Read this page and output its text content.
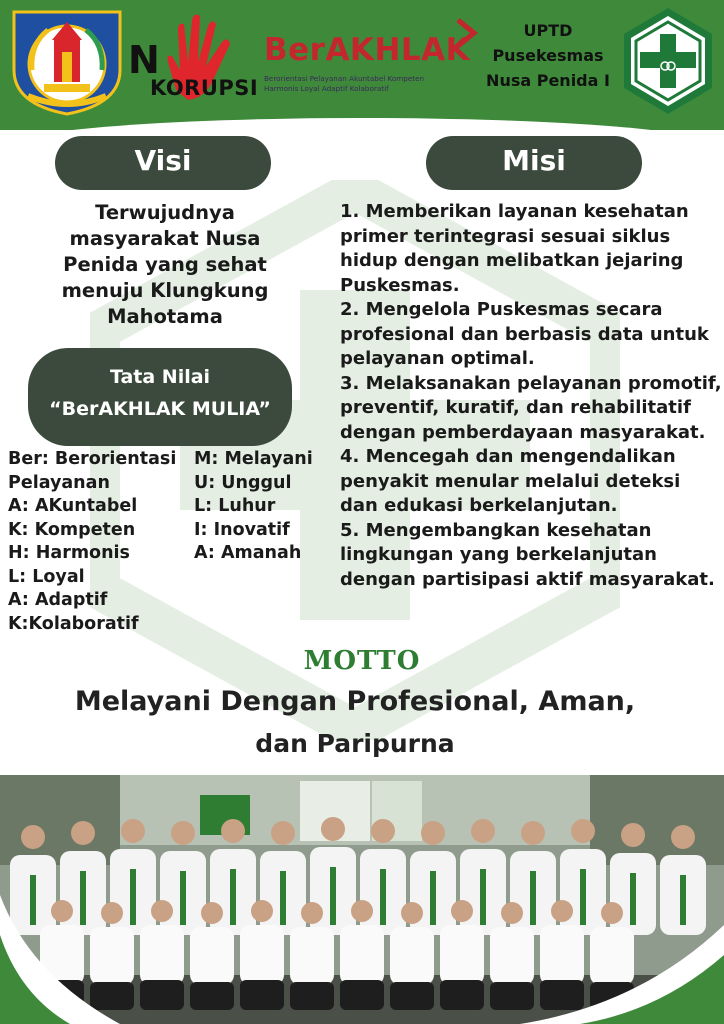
N
KORUPSI
BerAKHLAK
Berorientasi Pelayanan Akuntabel Kompeten
Harmonis Loyal Adaptif Kolaboratif
UPTD
Pusekesmas
Nusa Penida I
Visi
Terwujudnya masyarakat Nusa Penida yang sehat menuju Klungkung Mahotama
Misi

1. Memberikan layanan kesehatan primer terintegrasi sesuai siklus hidup dengan melibatkan jejaring Puskesmas.

2. Mengelola Puskesmas secara profesional dan berbasis data untuk pelayanan optimal.

3. Melaksanakan pelayanan promotif, preventif, kuratif, dan rehabilitatif dengan pemberdayaan masyarakat.

4. Mencegah dan mengendalikan penyakit menular melalui deteksi dan edukasi berkelanjutan.

5. Mengembangkan kesehatan lingkungan yang berkelanjutan dengan partisipasi aktif masyarakat.

Tata Nilai
“BerAKHLAK MULIA”
Ber: Berorientasi
Pelayanan
A: AKuntabel
K: Kompeten
H: Harmonis
L: Loyal
A: Adaptif
K:Kolaboratif
M: Melayani
U: Unggul
L: Luhur
I: Inovatif
A: Amanah
MOTTO
Melayani Dengan Profesional, Aman,
dan Paripurna
